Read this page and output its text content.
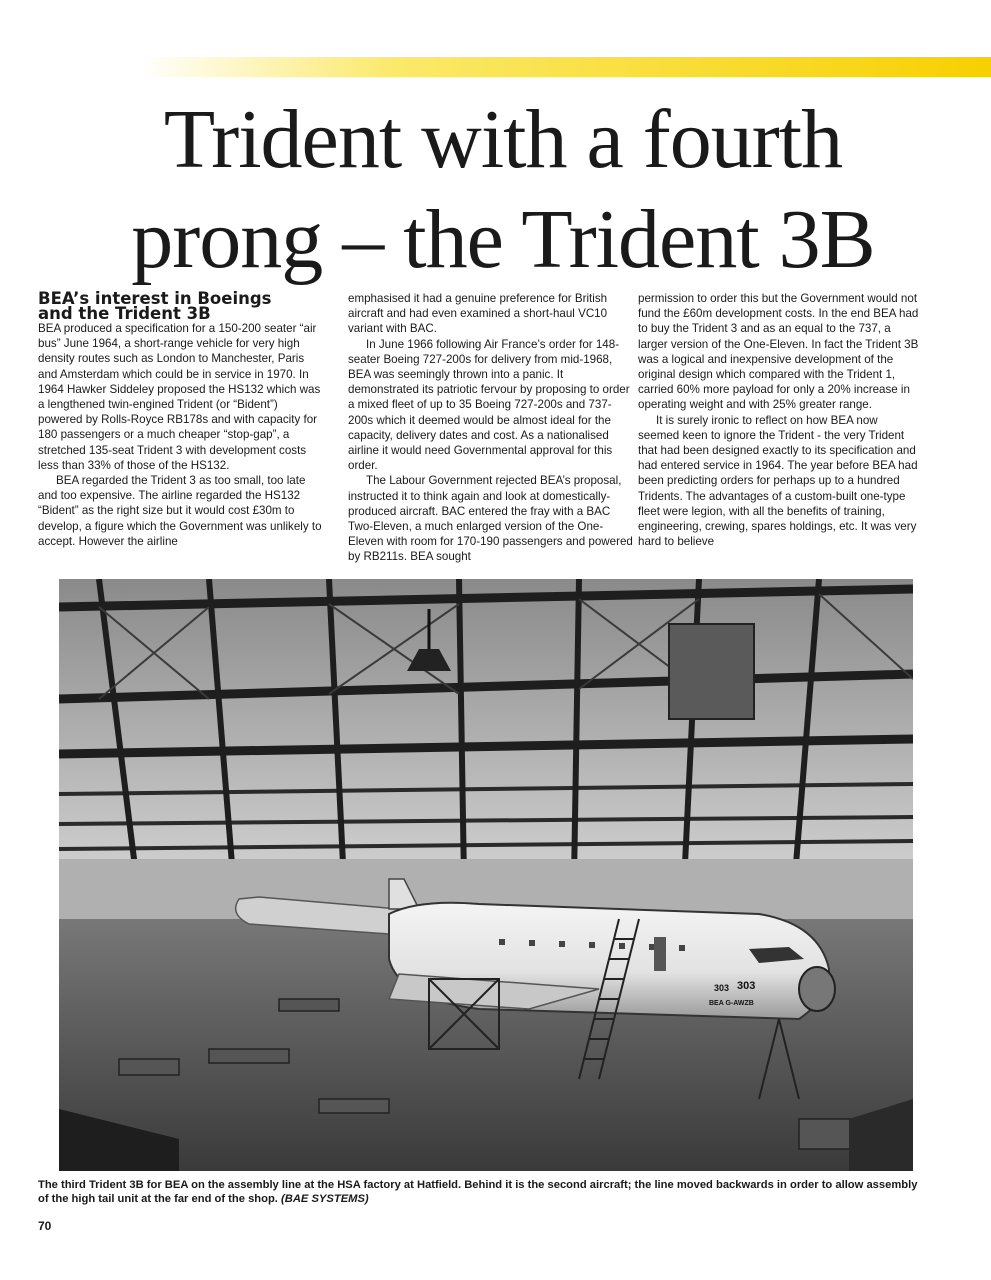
Trident with a fourth
prong – the Trident 3B
BEA’s interest in Boeings
and the Trident 3B

BEA produced a specification for a 150-200 seater “air bus” June 1964, a short-range vehicle for very high density routes such as London to Manchester, Paris and Amsterdam which could be in service in 1970. In 1964 Hawker Siddeley proposed the HS132 which was a lengthened twin-engined Trident (or “Bident”) powered by Rolls-Royce RB178s and with capacity for 180 passengers or a much cheaper “stop-gap”, a stretched 135-seat Trident 3 with development costs less than 33% of those of the HS132.

BEA regarded the Trident 3 as too small, too late and too expensive. The airline regarded the HS132 “Bident” as the right size but it would cost £30m to develop, a figure which the Government was unlikely to accept. However the airline

emphasised it had a genuine preference for British aircraft and had even examined a short-haul VC10 variant with BAC.

In June 1966 following Air France’s order for 148-seater Boeing 727-200s for delivery from mid-1968, BEA was seemingly thrown into a panic. It demonstrated its patriotic fervour by proposing to order a mixed fleet of up to 35 Boeing 727-200s and 737-200s which it deemed would be almost ideal for the capacity, delivery dates and cost. As a nationalised airline it would need Governmental approval for this order.

The Labour Government rejected BEA’s proposal, instructed it to think again and look at domestically-produced aircraft. BAC entered the fray with a BAC Two-Eleven, a much enlarged version of the One-Eleven with room for 170-190 passengers and powered by RB211s. BEA sought

permission to order this but the Government would not fund the £60m development costs. In the end BEA had to buy the Trident 3 and as an equal to the 737, a larger version of the One-Eleven. In fact the Trident 3B was a logical and inexpensive development of the original design which compared with the Trident 1, carried 60% more payload for only a 20% increase in operating weight and with 25% greater range.

It is surely ironic to reflect on how BEA now seemed keen to ignore the Trident - the very Trident that had been designed exactly to its specification and had entered service in 1964. The year before BEA had been predicting orders for perhaps up to a hundred Tridents. The advantages of a custom-built one-type fleet were legion, with all the benefits of training, engineering, crewing, spares holdings, etc. It was very hard to believe

303 303
BEA G-AWZB

The third Trident 3B for BEA on the assembly line at the HSA factory at Hatfield. Behind it is the second aircraft; the line moved backwards in order to allow assembly of the high tail unit at the far end of the shop. (BAE SYSTEMS)

70
